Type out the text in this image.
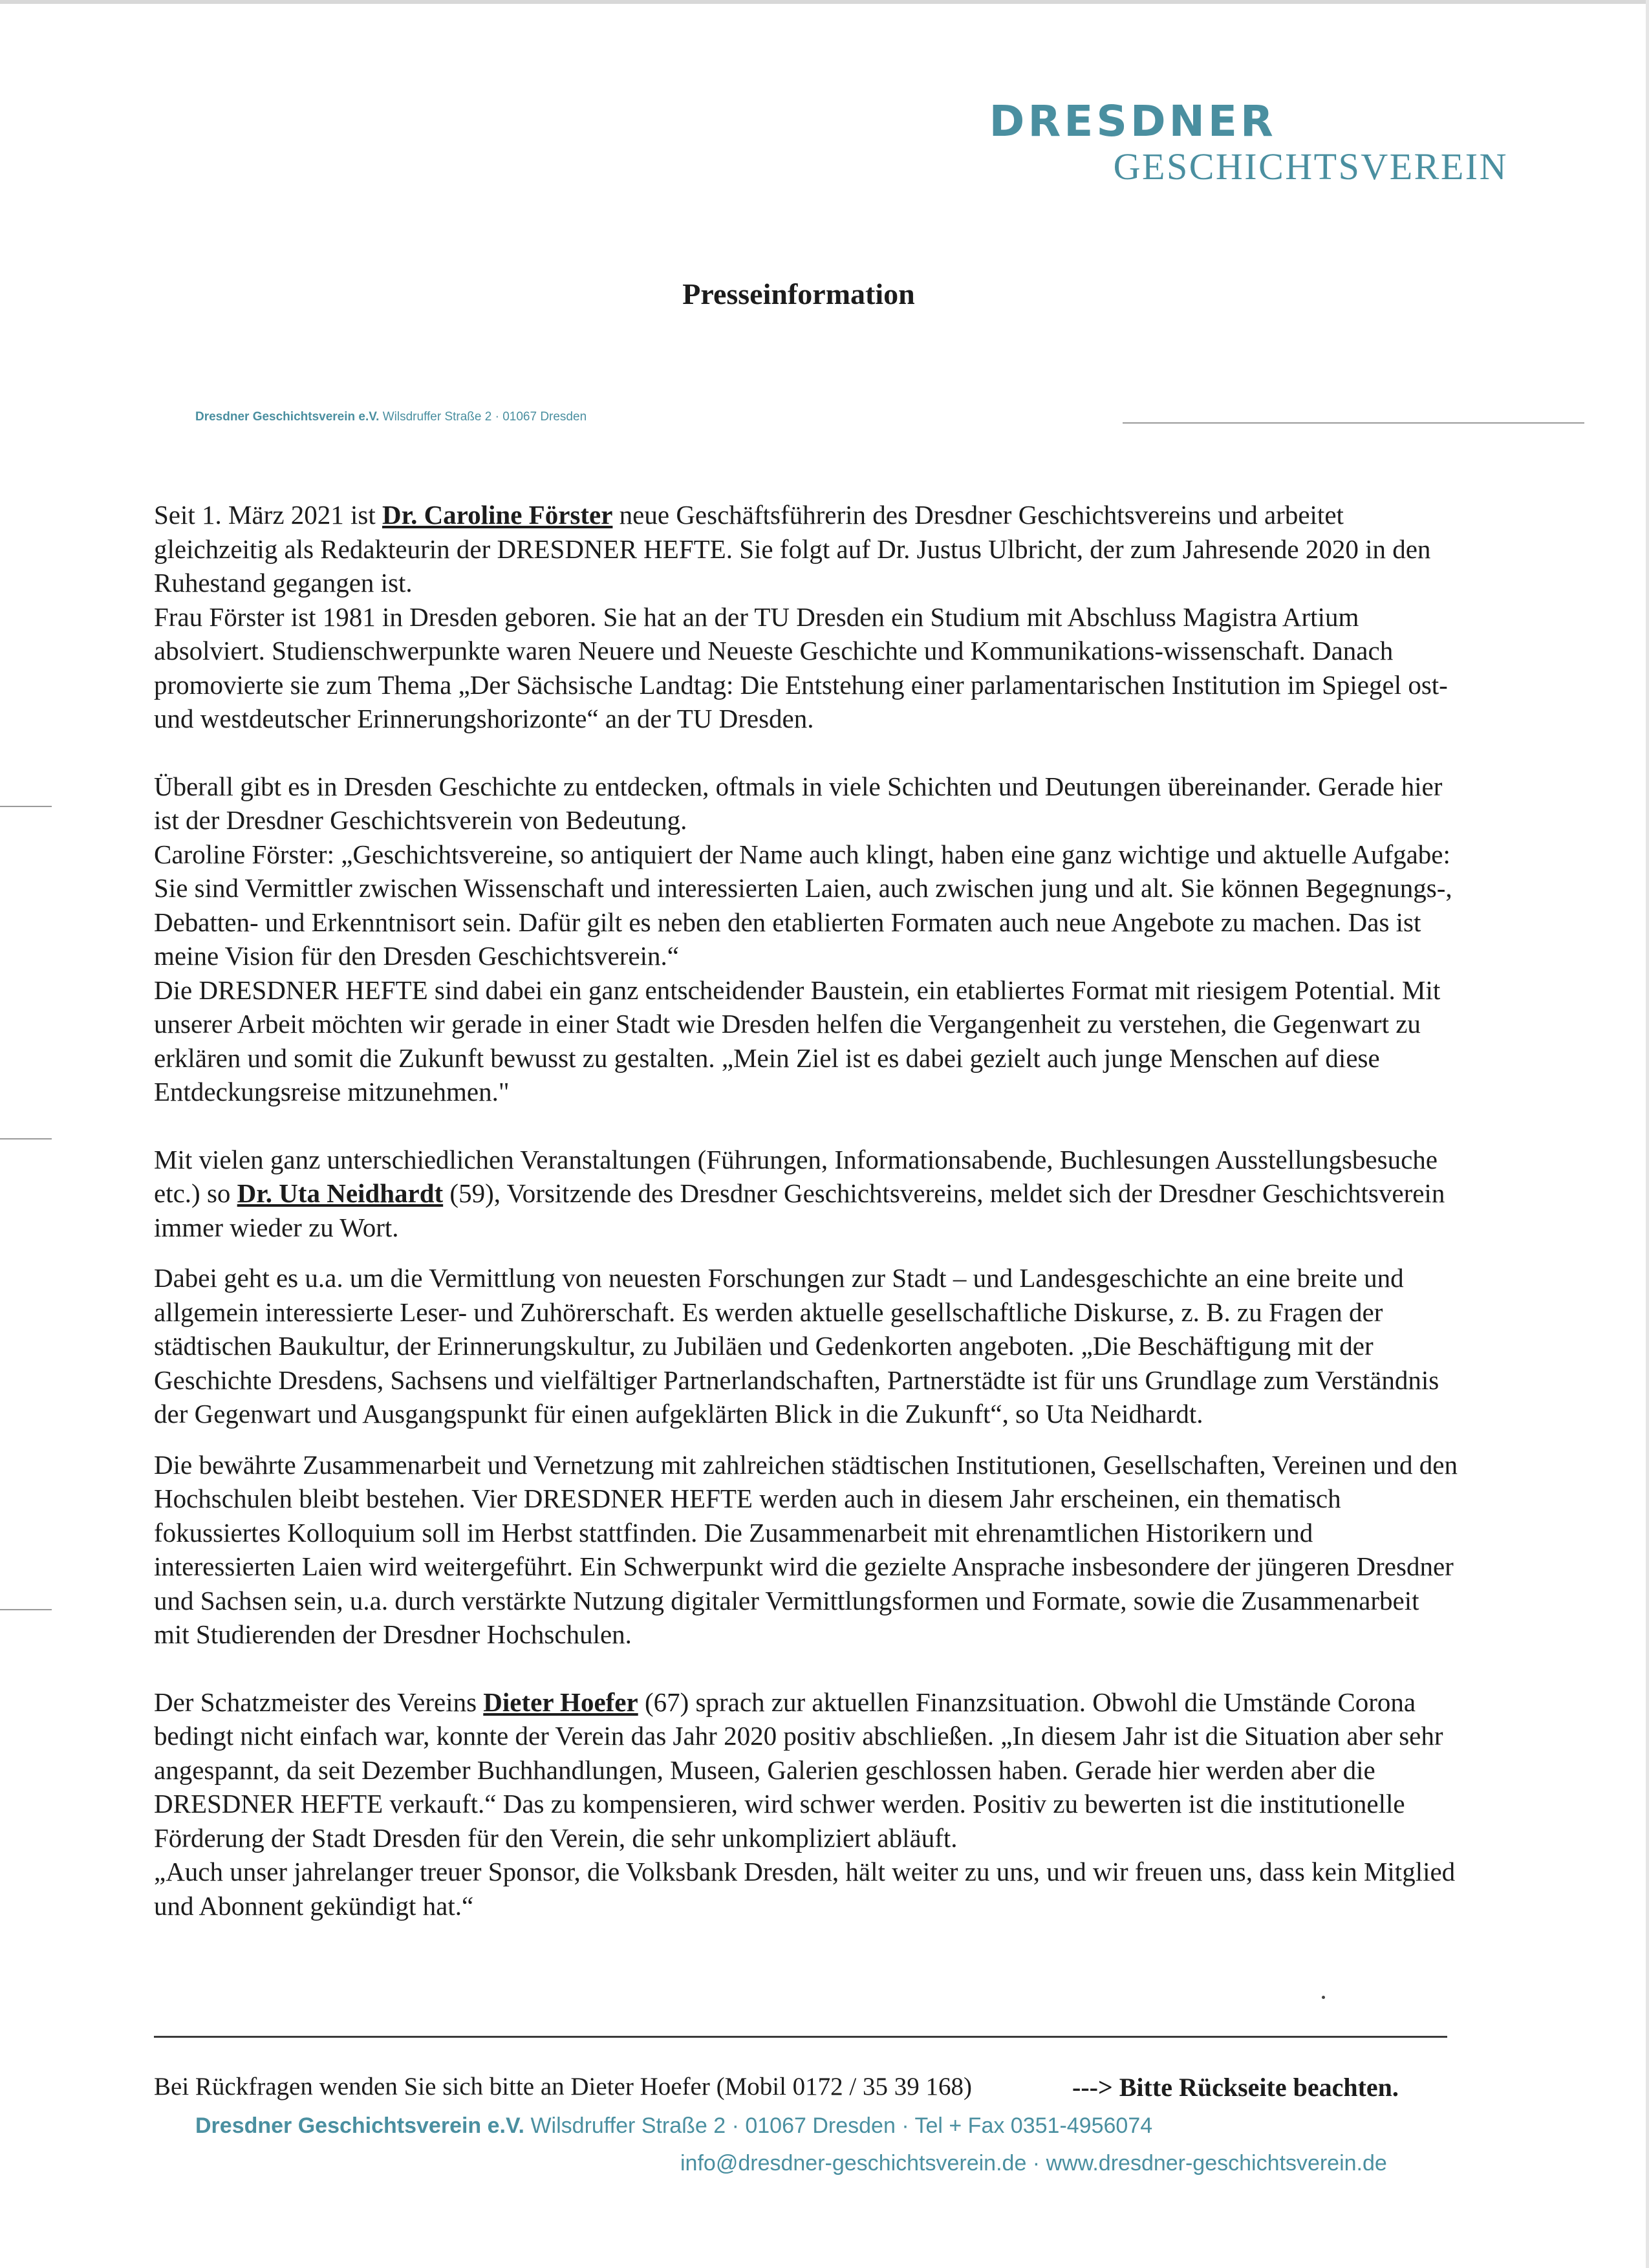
DRESDNER
GESCHICHTSVEREIN
Presseinformation
Dresdner Geschichtsverein e.V. Wilsdruffer Straße 2 · 01067 Dresden

Seit 1. März 2021 ist Dr. Caroline Förster neue Geschäftsführerin des Dresdner Geschichtsvereins und arbeitet gleichzeitig als Redakteurin der DRESDNER HEFTE. Sie folgt auf Dr. Justus Ulbricht, der zum Jahresende 2020 in den Ruhestand gegangen ist.

Frau Förster ist 1981 in Dresden geboren. Sie hat an der TU Dresden ein Studium mit Abschluss Magistra Artium absolviert. Studienschwerpunkte waren Neuere und Neueste Geschichte und Kommunikations-wissenschaft. Danach promovierte sie zum Thema „Der Sächsische Landtag: Die Entstehung einer parlamentarischen Institution im Spiegel ost- und westdeutscher Erinnerungshorizonte“ an der TU Dresden.

Überall gibt es in Dresden Geschichte zu entdecken, oftmals in viele Schichten und Deutungen übereinander. Gerade hier ist der Dresdner Geschichtsverein von Bedeutung.

Caroline Förster: „Geschichtsvereine, so antiquiert der Name auch klingt, haben eine ganz wichtige und aktuelle Aufgabe: Sie sind Vermittler zwischen Wissenschaft und interessierten Laien, auch zwischen jung und alt. Sie können Begegnungs-, Debatten- und Erkenntnisort sein. Dafür gilt es neben den etablierten Formaten auch neue Angebote zu machen. Das ist meine Vision für den Dresden Geschichtsverein.“

Die DRESDNER HEFTE sind dabei ein ganz entscheidender Baustein, ein etabliertes Format mit riesigem Potential. Mit unserer Arbeit möchten wir gerade in einer Stadt wie Dresden helfen die Vergangenheit zu verstehen, die Gegenwart zu erklären und somit die Zukunft bewusst zu gestalten. „Mein Ziel ist es dabei gezielt auch junge Menschen auf diese Entdeckungsreise mitzunehmen."

Mit vielen ganz unterschiedlichen Veranstaltungen (Führungen, Informationsabende, Buchlesungen Ausstellungsbesuche etc.) so Dr. Uta Neidhardt (59), Vorsitzende des Dresdner Geschichtsvereins, meldet sich der Dresdner Geschichtsverein immer wieder zu Wort.

Dabei geht es u.a. um die Vermittlung von neuesten Forschungen zur Stadt – und Landesgeschichte an eine breite und allgemein interessierte Leser- und Zuhörerschaft. Es werden aktuelle gesellschaftliche Diskurse, z. B. zu Fragen der städtischen Baukultur, der Erinnerungskultur, zu Jubiläen und Gedenkorten angeboten. „Die Beschäftigung mit der Geschichte Dresdens, Sachsens und vielfältiger Partnerlandschaften, Partnerstädte ist für uns Grundlage zum Verständnis der Gegenwart und Ausgangspunkt für einen aufgeklärten Blick in die Zukunft“, so Uta Neidhardt.

Die bewährte Zusammenarbeit und Vernetzung mit zahlreichen städtischen Institutionen, Gesellschaften, Vereinen und den Hochschulen bleibt bestehen. Vier DRESDNER HEFTE werden auch in diesem Jahr erscheinen, ein thematisch fokussiertes Kolloquium soll im Herbst stattfinden. Die Zusammenarbeit mit ehrenamtlichen Historikern und interessierten Laien wird weitergeführt. Ein Schwerpunkt wird die gezielte Ansprache insbesondere der jüngeren Dresdner und Sachsen sein, u.a. durch verstärkte Nutzung digitaler Vermittlungsformen und Formate, sowie die Zusammenarbeit mit Studierenden der Dresdner Hochschulen.

Der Schatzmeister des Vereins Dieter Hoefer (67) sprach zur aktuellen Finanzsituation. Obwohl die Umstände Corona bedingt nicht einfach war, konnte der Verein das Jahr 2020 positiv abschließen. „In diesem Jahr ist die Situation aber sehr angespannt, da seit Dezember Buchhandlungen, Museen, Galerien geschlossen haben. Gerade hier werden aber die DRESDNER HEFTE verkauft.“ Das zu kompensieren, wird schwer werden. Positiv zu bewerten ist die institutionelle Förderung der Stadt Dresden für den Verein, die sehr unkompliziert abläuft.

„Auch unser jahrelanger treuer Sponsor, die Volksbank Dresden, hält weiter zu uns, und wir freuen uns, dass kein Mitglied und Abonnent gekündigt hat.“

Bei Rückfragen wenden Sie sich bitte an Dieter Hoefer (Mobil 0172 / 35 39 168)	---> Bitte Rückseite beachten.
Dresdner Geschichtsverein e.V. Wilsdruffer Straße 2 · 01067 Dresden · Tel + Fax 0351-4956074
info@dresdner-geschichtsverein.de · www.dresdner-geschichtsverein.de
